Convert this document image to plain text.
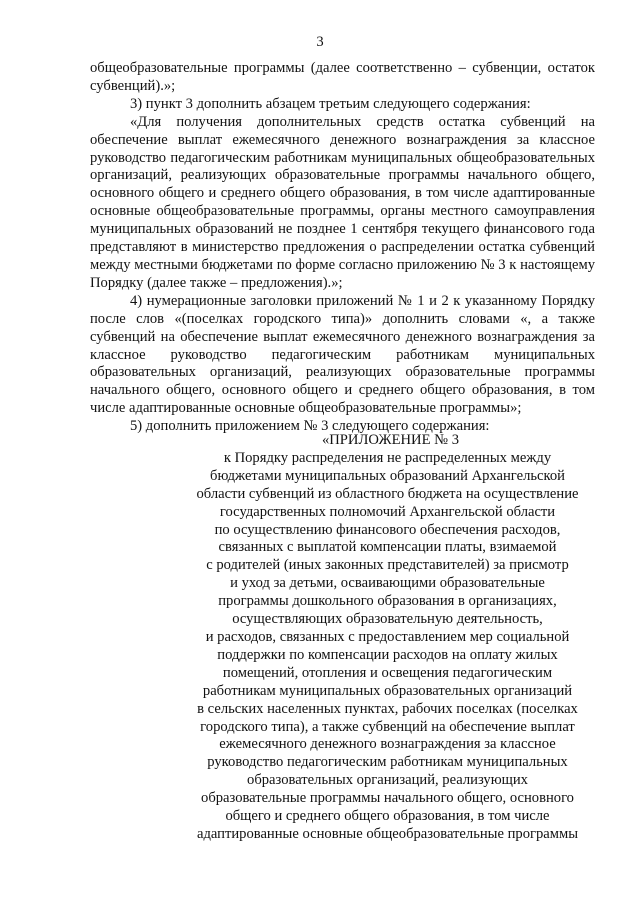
3

общеобразовательные программы (далее соответственно – субвенции, остаток субвенций).»;

3) пункт 3 дополнить абзацем третьим следующего содержания:

«Для получения дополнительных средств остатка субвенций на обеспечение выплат ежемесячного денежного вознаграждения за классное руководство педагогическим работникам муниципальных общеобразовательных организаций, реализующих образовательные программы начального общего, основного общего и среднего общего образования, в том числе адаптированные основные общеобразовательные программы, органы местного самоуправления муниципальных образований не позднее 1 сентября текущего финансового года представляют в министерство предложения о распределении остатка субвенций между местными бюджетами по форме согласно приложению № 3 к настоящему Порядку (далее также – предложения).»;

4) нумерационные заголовки приложений № 1 и 2 к указанному Порядку после слов «(поселках городского типа)» дополнить словами «, а также субвенций на обеспечение выплат ежемесячного денежного вознаграждения за классное руководство педагогическим работникам муниципальных образовательных организаций, реализующих образовательные программы начального общего, основного общего и среднего общего образования, в том числе адаптированные основные общеобразовательные программы»;

5) дополнить приложением № 3 следующего содержания:

«ПРИЛОЖЕНИЕ № 3

к Порядку распределения не распределенных между
бюджетами муниципальных образований Архангельской
области субвенций из областного бюджета на осуществление
государственных полномочий Архангельской области
по осуществлению финансового обеспечения расходов,
связанных с выплатой компенсации платы, взимаемой
с родителей (иных законных представителей) за присмотр
и уход за детьми, осваивающими образовательные
программы дошкольного образования в организациях,
осуществляющих образовательную деятельность,
и расходов, связанных с предоставлением мер социальной
поддержки по компенсации расходов на оплату жилых
помещений, отопления и освещения педагогическим
работникам муниципальных образовательных организаций
в сельских населенных пунктах, рабочих поселках (поселках
городского типа), а также субвенций на обеспечение выплат
ежемесячного денежного вознаграждения за классное
руководство педагогическим работникам муниципальных
образовательных организаций, реализующих
образовательные программы начального общего, основного
общего и среднего общего образования, в том числе
адаптированные основные общеобразовательные программы
